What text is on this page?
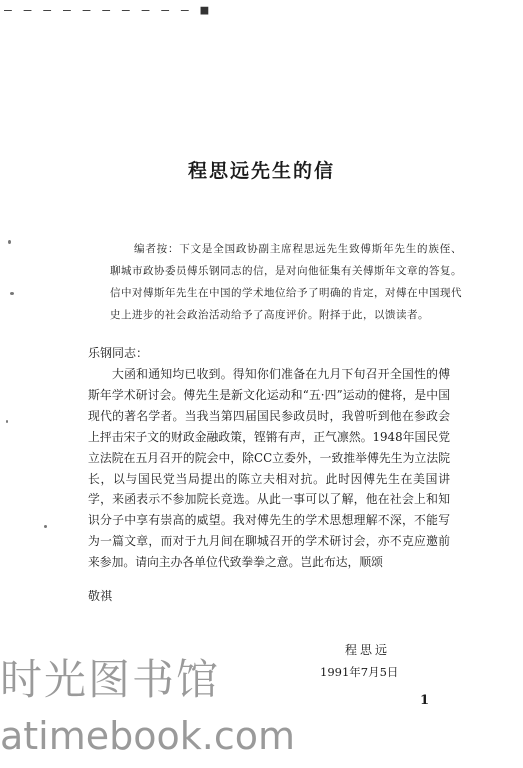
— — — — — — — — — — ■
程思远先生的信
编者按：下文是全国政协副主席程思远先生致傅斯年先生的族侄、聊城市政协委员傅乐钢同志的信，是对向他征集有关傅斯年文章的答复。信中对傅斯年先生在中国的学术地位给予了明确的肯定，对傅在中国现代史上进步的社会政治活动给予了高度评价。附择于此，以馈读者。
乐钢同志：
大函和通知均已收到。得知你们准备在九月下旬召开全国性的傅斯年学术研讨会。傅先生是新文化运动和“五·四”运动的健将，是中国现代的著名学者。当我当第四届国民参政员时，我曾听到他在参政会上抨击宋子文的财政金融政策，铿锵有声，正气凛然。1948年国民党立法院在五月召开的院会中，除CC立委外，一致推举傅先生为立法院长，以与国民党当局提出的陈立夫相对抗。此时因傅先生在美国讲学，来函表示不参加院长竞选。从此一事可以了解，他在社会上和知识分子中享有崇高的威望。我对傅先生的学术思想理解不深，不能写为一篇文章，而对于九月间在聊城召开的学术研讨会，亦不克应邀前来参加。请向主办各单位代致拳拳之意。岂此布达，顺颂
敬祺
程思远
1991年7月5日
1
时光图书馆
atimebook.com
